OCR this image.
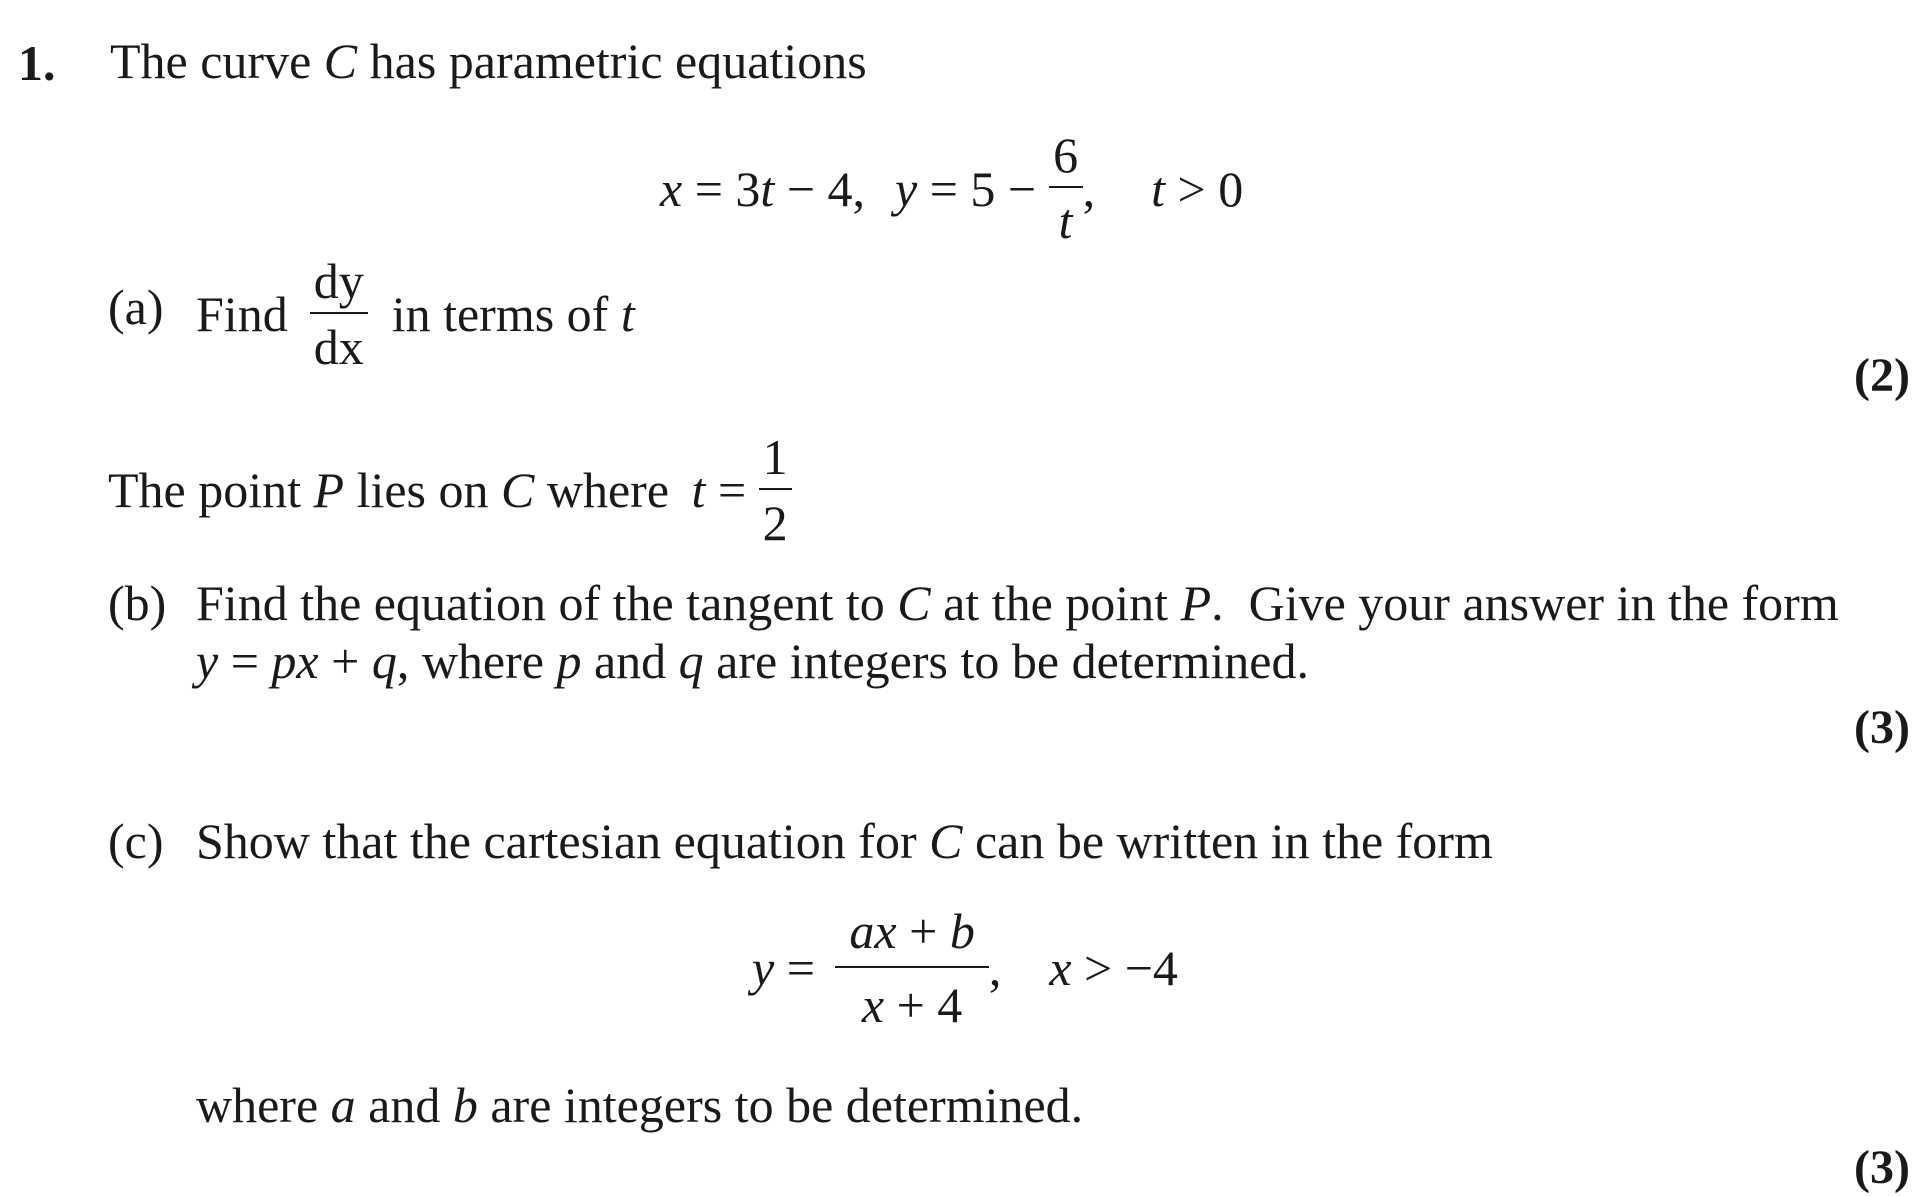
1. The curve C has parametric equations
x = 3 t − 4, $y = 5 - \frac{6}{t}$ , t > 0
(a) Find $\frac{dy}{dx}$ in terms of t
(2)
The point P lies on C where $t = \frac{1}{2}$
(b) Find the equation of the tangent to C at the point P.  Give your answer in the form
y = px + q, where p and q are integers to be determined.
(3)
(c) Show that the cartesian equation for C can be written in the form
$y = \frac{ax + b}{x + 4}$ , x > −4
where a and b are integers to be determined.
(3)
